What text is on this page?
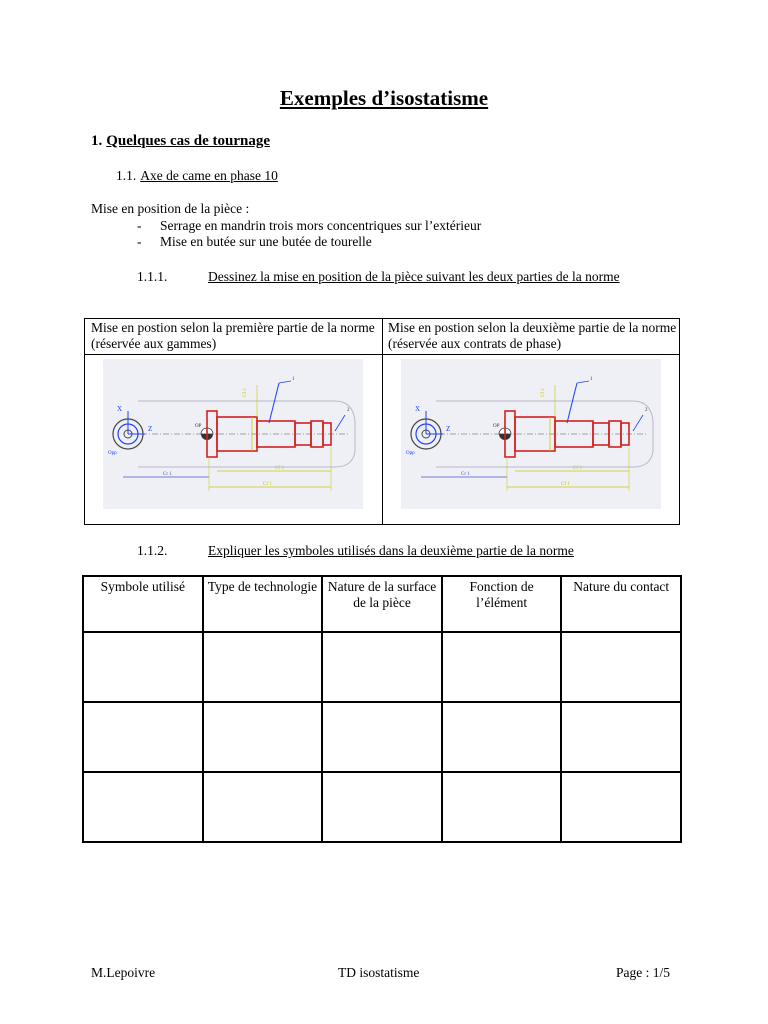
Exemples d’isostatisme
1. Quelques cas de tournage
1.1. Axe de came en phase 10
Mise en position de la pièce :
- Serrage en mandrin trois mors concentriques sur l’extérieur
- Mise en butée sur une butée de tourelle
1.1.1.	Dessinez la mise en position de la pièce suivant les deux parties de la norme
Mise en postion selon la première partie de la norme (réservée aux gammes)
Mise en postion selon la deuxième partie de la norme (réservée aux contrats de phase)
X
Z
Opp
OP
Cf 2
1
2
Cf 3
Cr 1
Cf 1
X
Z
Opp
OP
Cf 2
1
2
Cf 3
Cr 1
Cf 1
1.1.2.	Expliquer les symboles utilisés dans la deuxième partie de la norme
Symbole utilisé	Type de technologie	Nature de la surface de la pièce	Fonction de l’élément	Nature du contact

M.Lepoivre	TD isostatisme	Page : 1/5
